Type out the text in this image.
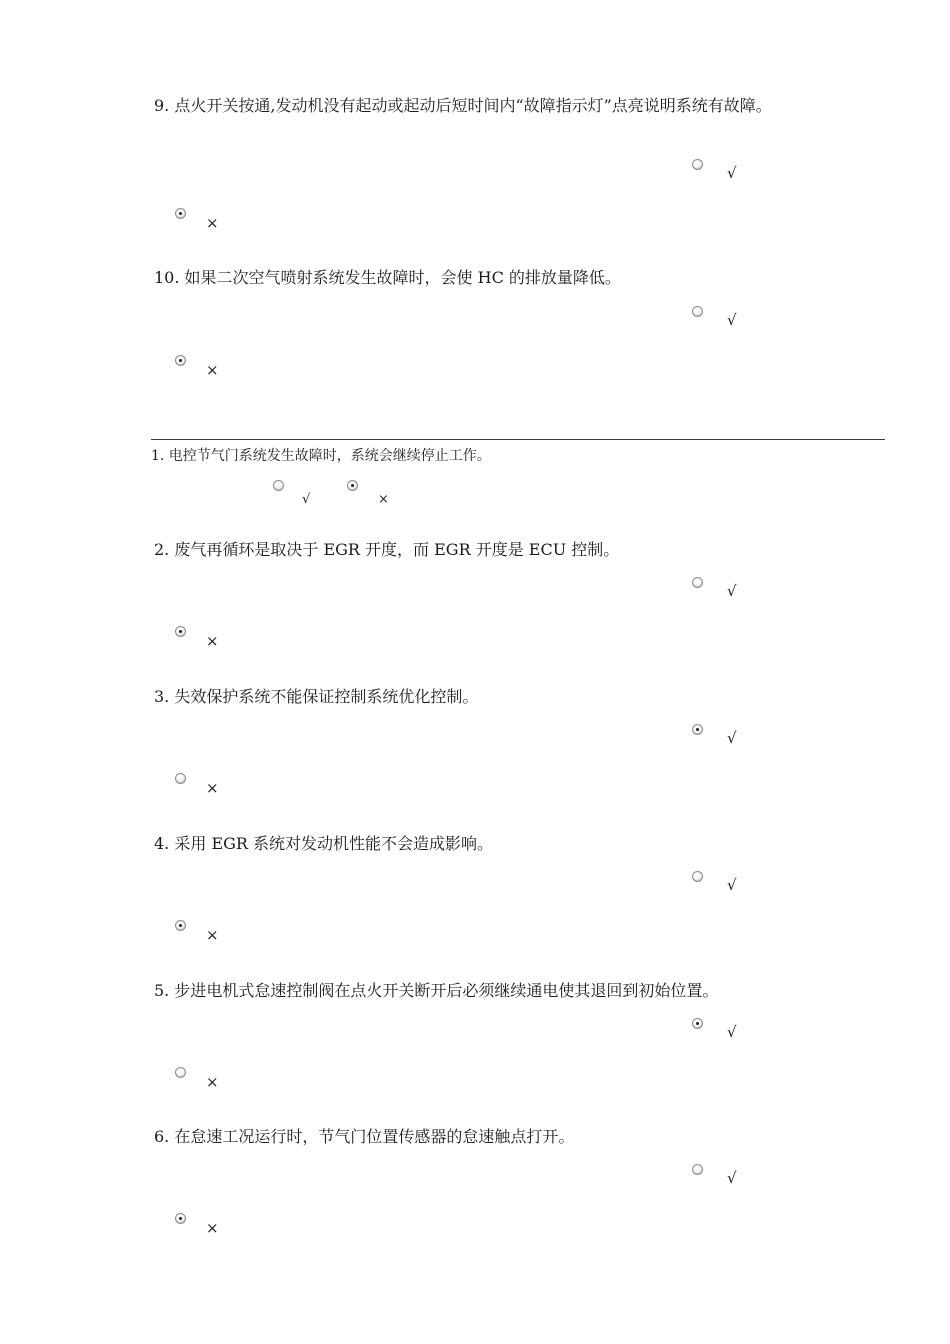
9. 点火开关按通,发动机没有起动或起动后短时间内“故障指示灯”点亮说明系统有故障。
√
×
10. 如果二次空气喷射系统发生故障时，会使 HC 的排放量降低。
√
×
1. 电控节气门系统发生故障时，系统会继续停止工作。
√	×
2. 废气再循环是取决于 EGR 开度，而 EGR 开度是 ECU 控制。
√
×
3. 失效保护系统不能保证控制系统优化控制。
√
×
4. 采用 EGR 系统对发动机性能不会造成影响。
√
×
5. 步进电机式怠速控制阀在点火开关断开后必须继续通电使其退回到初始位置。
√
×
6. 在怠速工况运行时，节气门位置传感器的怠速触点打开。
√
×
